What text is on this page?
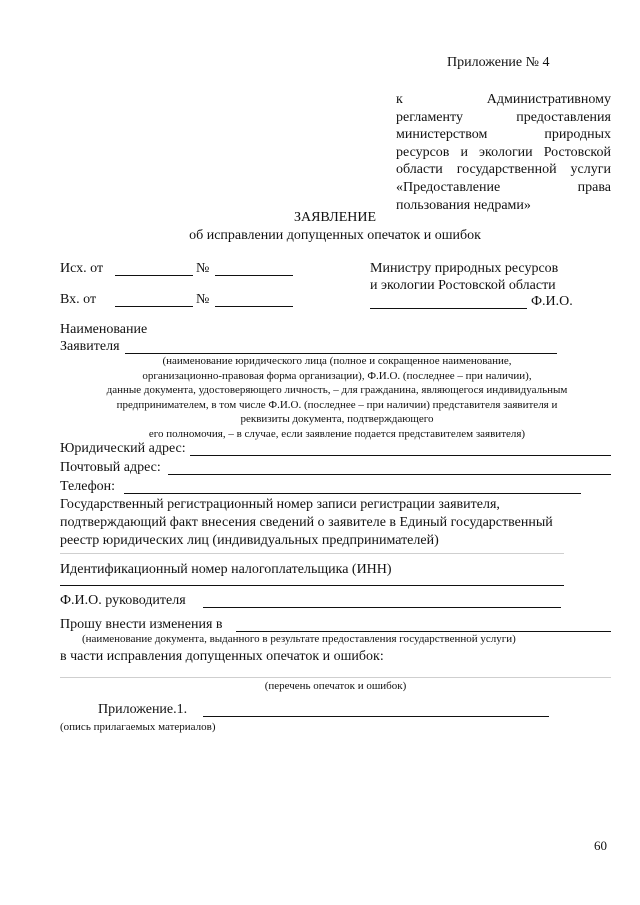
Приложение № 4
к Административному
регламенту предоставления
министерством природных
ресурсов и экологии Ростовской
области государственной услуги
«Предоставление права
пользования недрами»
ЗАЯВЛЕНИЕ
об исправлении допущенных опечаток и ошибок
Исх. от	№
Вх. от	№
Министру природных ресурсов
и экологии Ростовской области
Ф.И.О.
Наименование
Заявителя
(наименование юридического лица (полное и сокращенное наименование,
организационно-правовая форма организации), Ф.И.О. (последнее – при наличии),
данные документа, удостоверяющего личность, – для гражданина, являющегося индивидуальным
предпринимателем, в том числе Ф.И.О. (последнее – при наличии) представителя заявителя и
реквизиты документа, подтверждающего
его полномочия, – в случае, если заявление подается представителем заявителя)
Юридический адрес:
Почтовый адрес:
Телефон:
Государственный регистрационный номер записи регистрации заявителя,
подтверждающий факт внесения сведений о заявителе в Единый государственный
реестр юридических лиц (индивидуальных предпринимателей)
Идентификационный номер налогоплательщика (ИНН)
Ф.И.О. руководителя
Прошу внести изменения в
(наименование документа, выданного в результате предоставления государственной услуги)
в части исправления допущенных опечаток и ошибок:
(перечень опечаток и ошибок)
Приложение.1.
(опись прилагаемых материалов)
60
